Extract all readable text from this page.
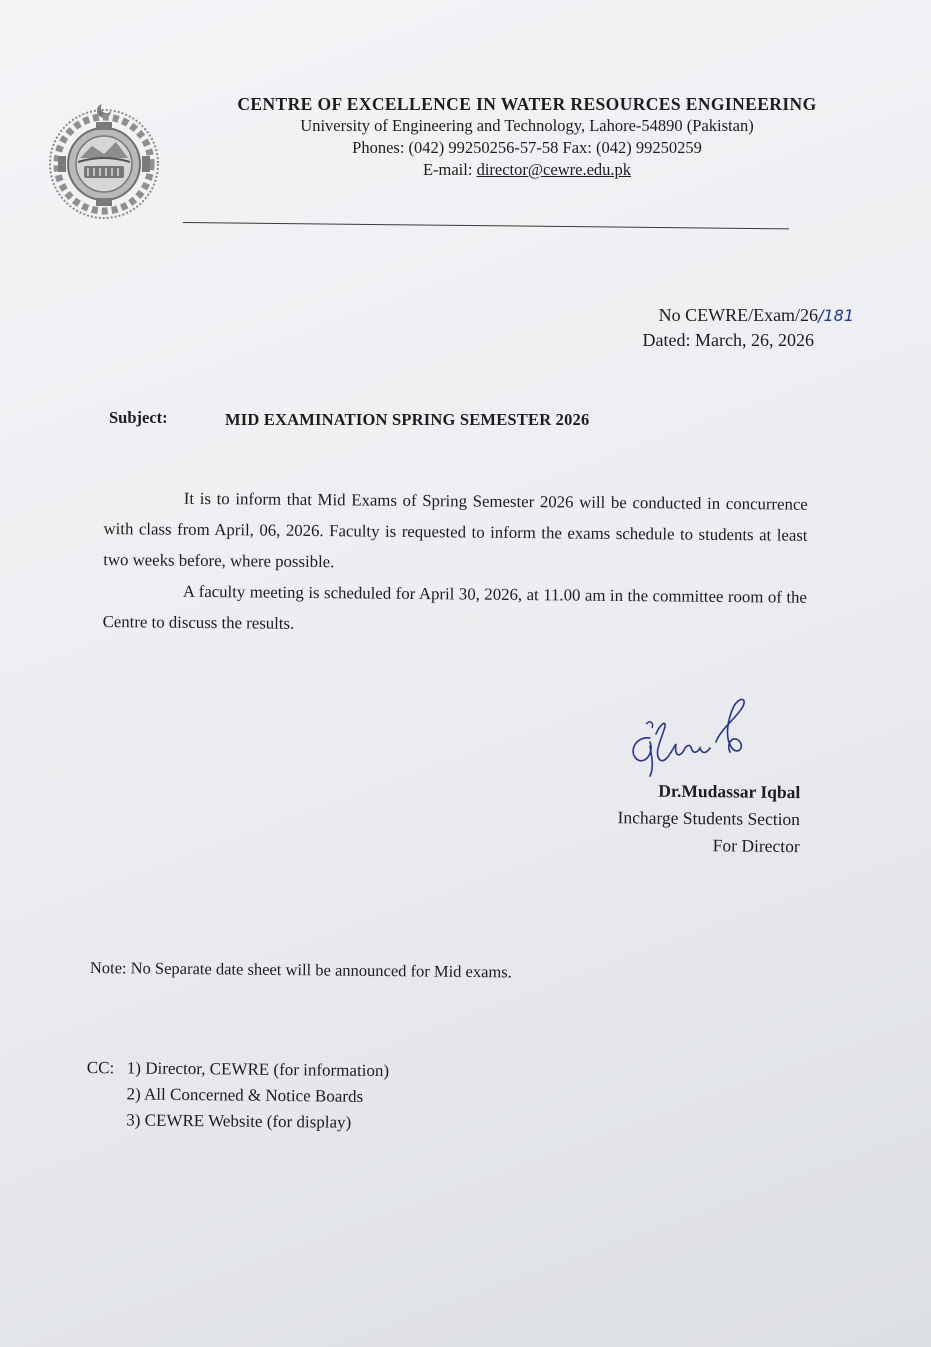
CENTRE OF EXCELLENCE IN WATER RESOURCES ENGINEERING
University of Engineering and Technology, Lahore-54890 (Pakistan)
Phones: (042) 99250256-57-58 Fax: (042) 99250259
E-mail: director@cewre.edu.pk
No CEWRE/Exam/26/181
Dated: March, 26, 2026
Subject:	MID EXAMINATION SPRING SEMESTER 2026

It is to inform that Mid Exams of Spring Semester 2026 will be conducted in concurrence with class from April, 06, 2026. Faculty is requested to inform the exams schedule to students at least two weeks before, where possible.

A faculty meeting is scheduled for April 30, 2026, at 11.00 am in the committee room of the Centre to discuss the results.

Dr.Mudassar Iqbal
Incharge Students Section
For Director
Note: No Separate date sheet will be announced for Mid exams.
CC: 1) Director, CEWRE (for information)
2) All Concerned & Notice Boards
3) CEWRE Website (for display)
